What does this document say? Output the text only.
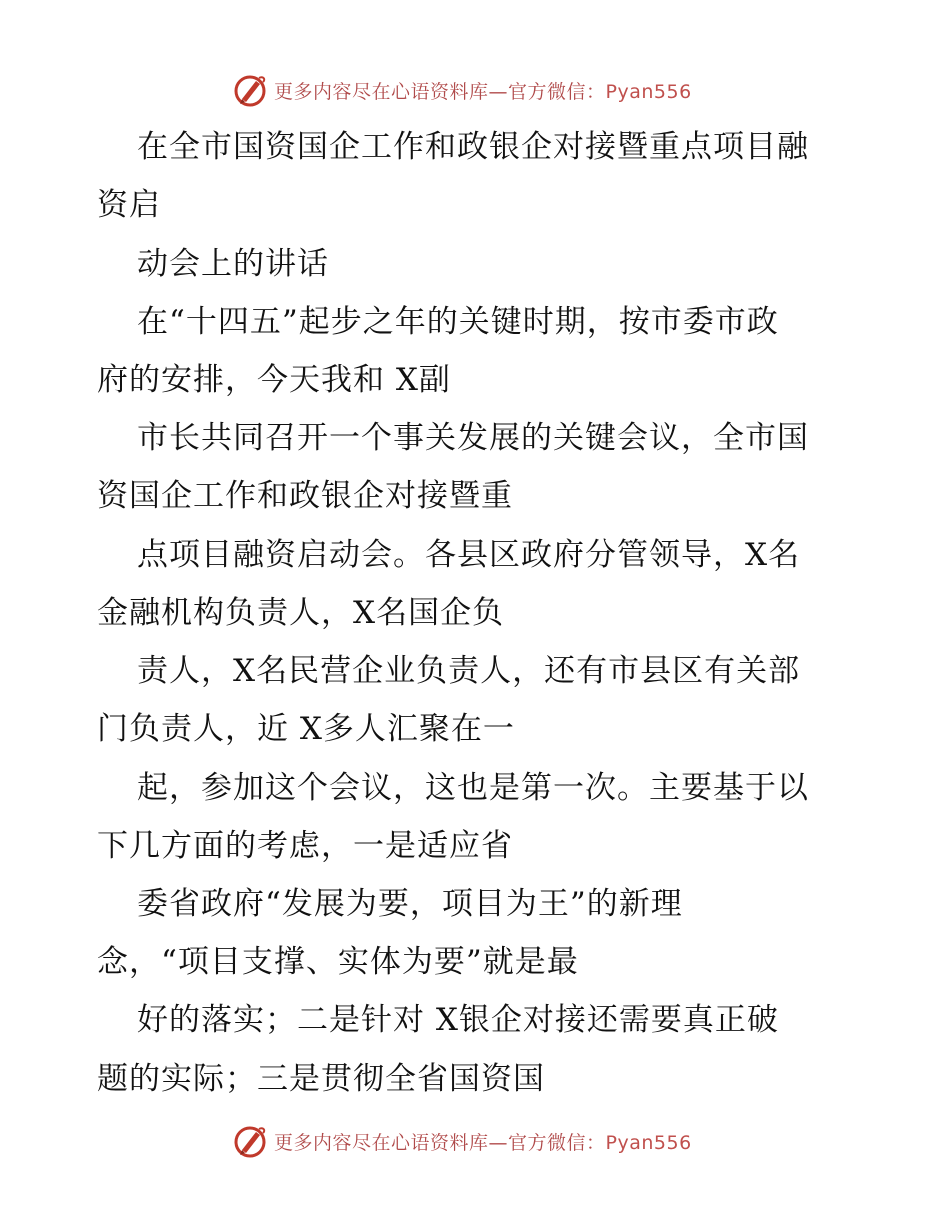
更多内容尽在心语资料库—官方微信：Pyan556
在全市国资国企工作和政银企对接暨重点项目融
资启
动会上的讲话
在“十四五”起步之年的关键时期，按市委市政
府的安排，今天我和 X副
市长共同召开一个事关发展的关键会议，全市国
资国企工作和政银企对接暨重
点项目融资启动会。各县区政府分管领导，X名
金融机构负责人，X名国企负
责人，X名民营企业负责人，还有市县区有关部
门负责人，近 X多人汇聚在一
起，参加这个会议，这也是第一次。主要基于以
下几方面的考虑，一是适应省
委省政府“发展为要，项目为王”的新理
念，“项目支撑、实体为要”就是最
好的落实；二是针对 X银企对接还需要真正破
题的实际；三是贯彻全省国资国
更多内容尽在心语资料库—官方微信：Pyan556
